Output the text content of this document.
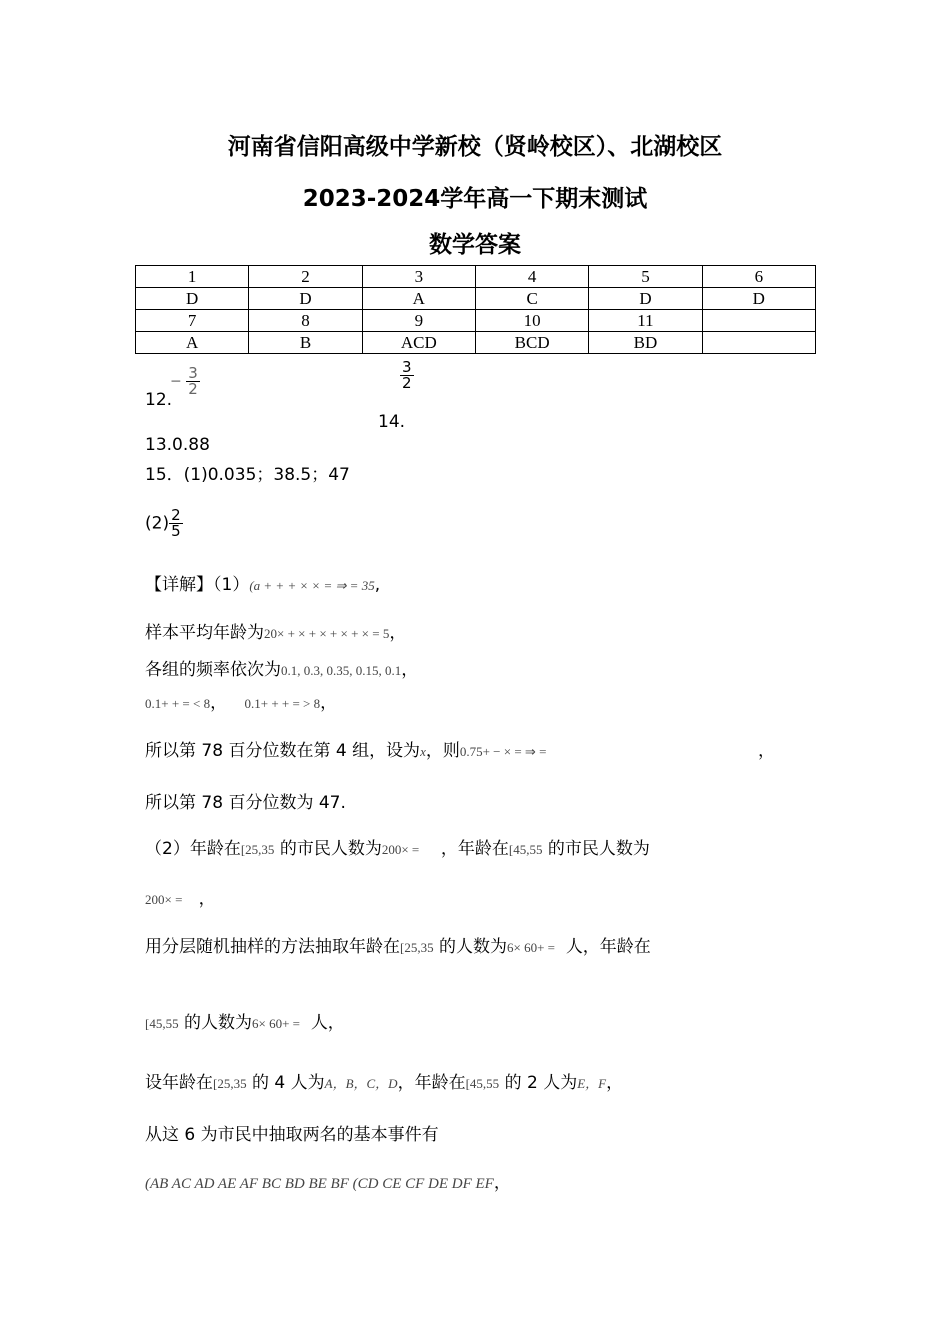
河南省信阳高级中学新校（贤岭校区）、北湖校区
2023-2024学年高一下期末测试
数学答案
1	2	3	4	5	6
D	D	A	C	D	D
7	8	9	10	11	
A	B	ACD	BCD	BD	
12.
− $\frac{3}{2}$	$\frac{3}{2}$
14.
13.0.88
15．(1)0.035；38.5；47
$(2) \frac{2}{5}$
【详解】（1）(a + + + × × = ⇒ = 35,
样本平均年龄为20× + × + × + × + × = 5，
各组的频率依次为0.1, 0.3, 0.35, 0.15, 0.1，
0.1+ + = < 8， 0.1+ + + = > 8，
所以第 78 百分位数在第 4 组，设为x，则0.75+ − × = ⇒ =	，
所以第 78 百分位数为 47.
（2）年龄在[25,35 的市民人数为200× = ，年龄在[45,55 的市民人数为
200× = ，
用分层随机抽样的方法抽取年龄在[25,35 的人数为6× 60+ = 人，年龄在
[45,55 的人数为6× 60+ = 人，
设年龄在[25,35 的 4 人为A，B，C，D，年龄在[45,55 的 2 人为E，F，
从这 6 为市民中抽取两名的基本事件有
(AB AC AD AE AF BC BD BE BF (CD CE CF DE DF EF，
